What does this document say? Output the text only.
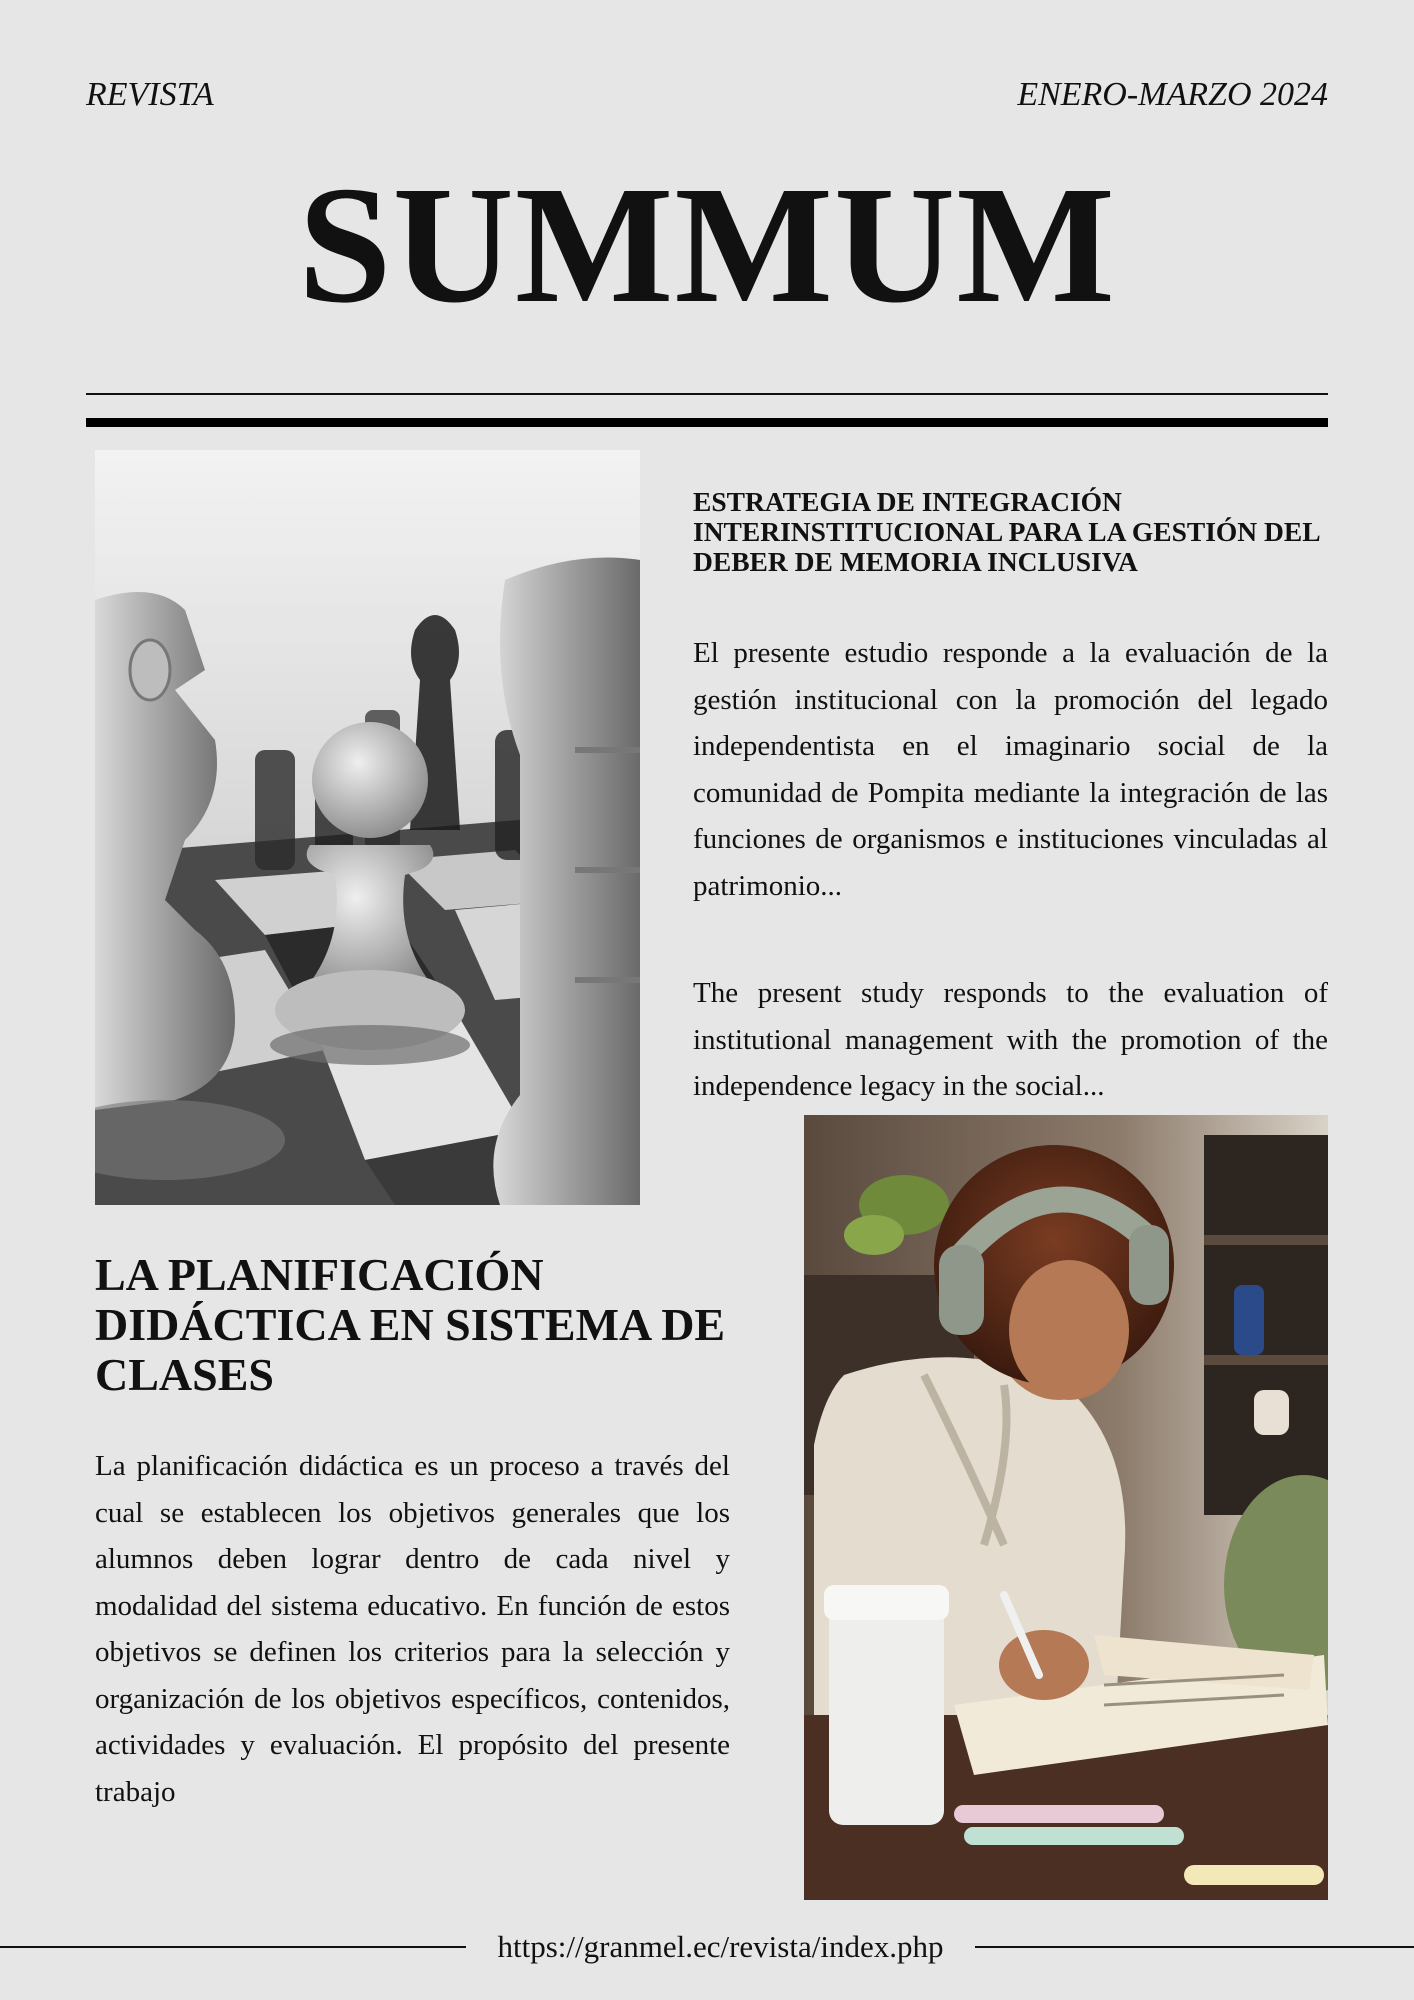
REVISTA	ENERO-MARZO 2024
SUMMUM
ESTRATEGIA DE INTEGRACIÓN INTERINSTITUCIONAL PARA LA GESTIÓN DEL DEBER DE MEMORIA INCLUSIVA
El presente estudio responde a la evaluación de la gestión institucional con la promoción del legado independentista en el imaginario social de la comunidad de Pompita mediante la integración de las funciones de organismos e instituciones vinculadas al patrimonio...
The present study responds to the evaluation of institutional management with the promotion of the independence legacy in the social...
LA PLANIFICACIÓN DIDÁCTICA EN SISTEMA DE CLASES
La planificación didáctica es un proceso a través del cual se establecen los objetivos generales que los alumnos deben lograr dentro de cada nivel y modalidad del sistema educativo. En función de estos objetivos se definen los criterios para la selección y organización de los objetivos específicos, contenidos, actividades y evaluación. El propósito del presente trabajo
https://granmel.ec/revista/index.php
